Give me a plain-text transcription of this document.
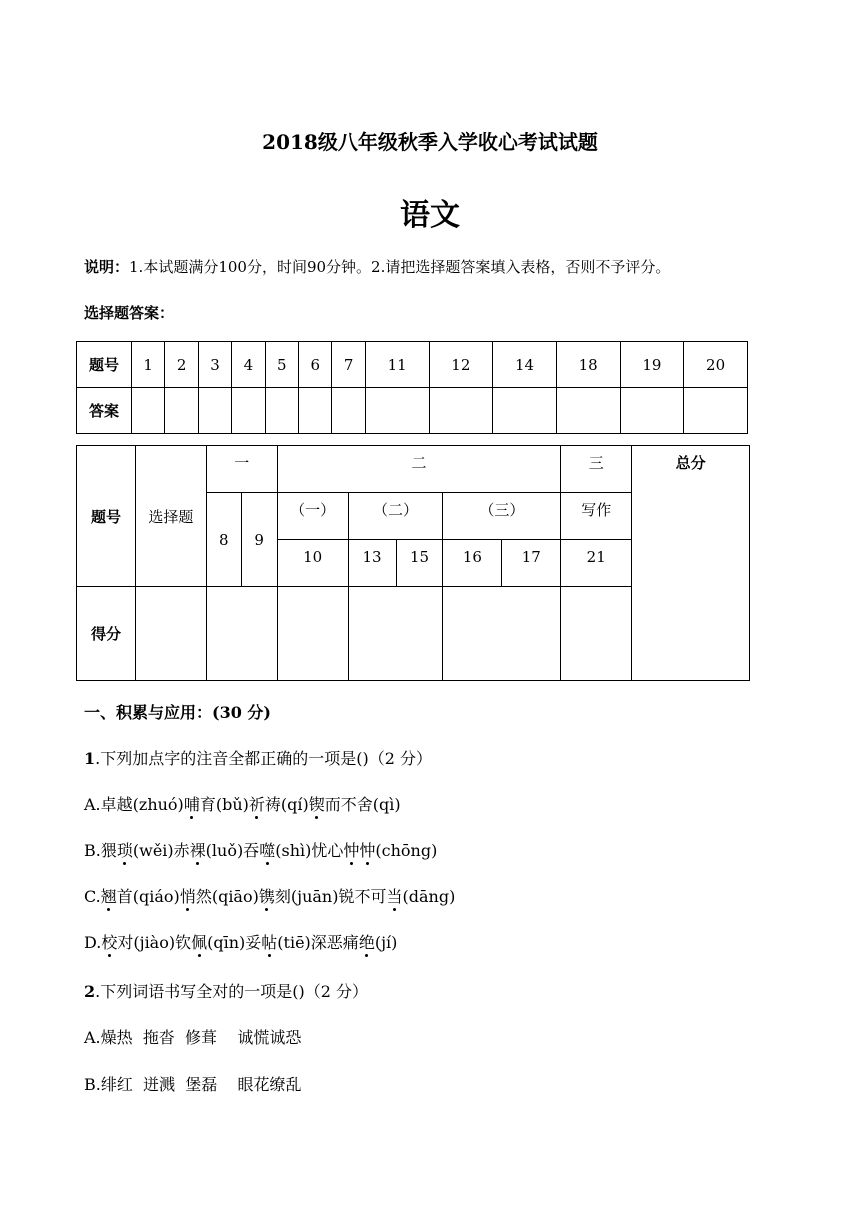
2018级八年级秋季入学收心考试试题
语文
说明：1.本试题满分100分，时间90分钟。2.请把选择题答案填入表格，否则不予评分。
选择题答案：
题号	1	2	3	4	5	6	7	11	12	14	18	19	20
答案													
题号	选择题	一		二					三	总分
		8	9	（一）	（二）		（三）		写作	
				10	13	15	16	17	21	
得分										
一、积累与应用：(30 分)
1.下列加点字的注音全都正确的一项是()（2 分）
A.卓越(zhuó)哺育(bǔ)祈祷(qí)锲而不舍(qì)
B.猥琐(wěi)赤裸(luǒ)吞噬(shì)忧心忡忡(chōng)
C.翘首(qiáo)悄然(qiāo)镌刻(juān)锐不可当(dāng)
D.校对(jiào)钦佩(qīn)妥帖(tiē)深恶痛绝(jí)
2.下列词语书写全对的一项是()（2 分）
A.燥热  拖沓  修葺    诚慌诚恐
B.绯红  迸溅  堡磊    眼花缭乱
